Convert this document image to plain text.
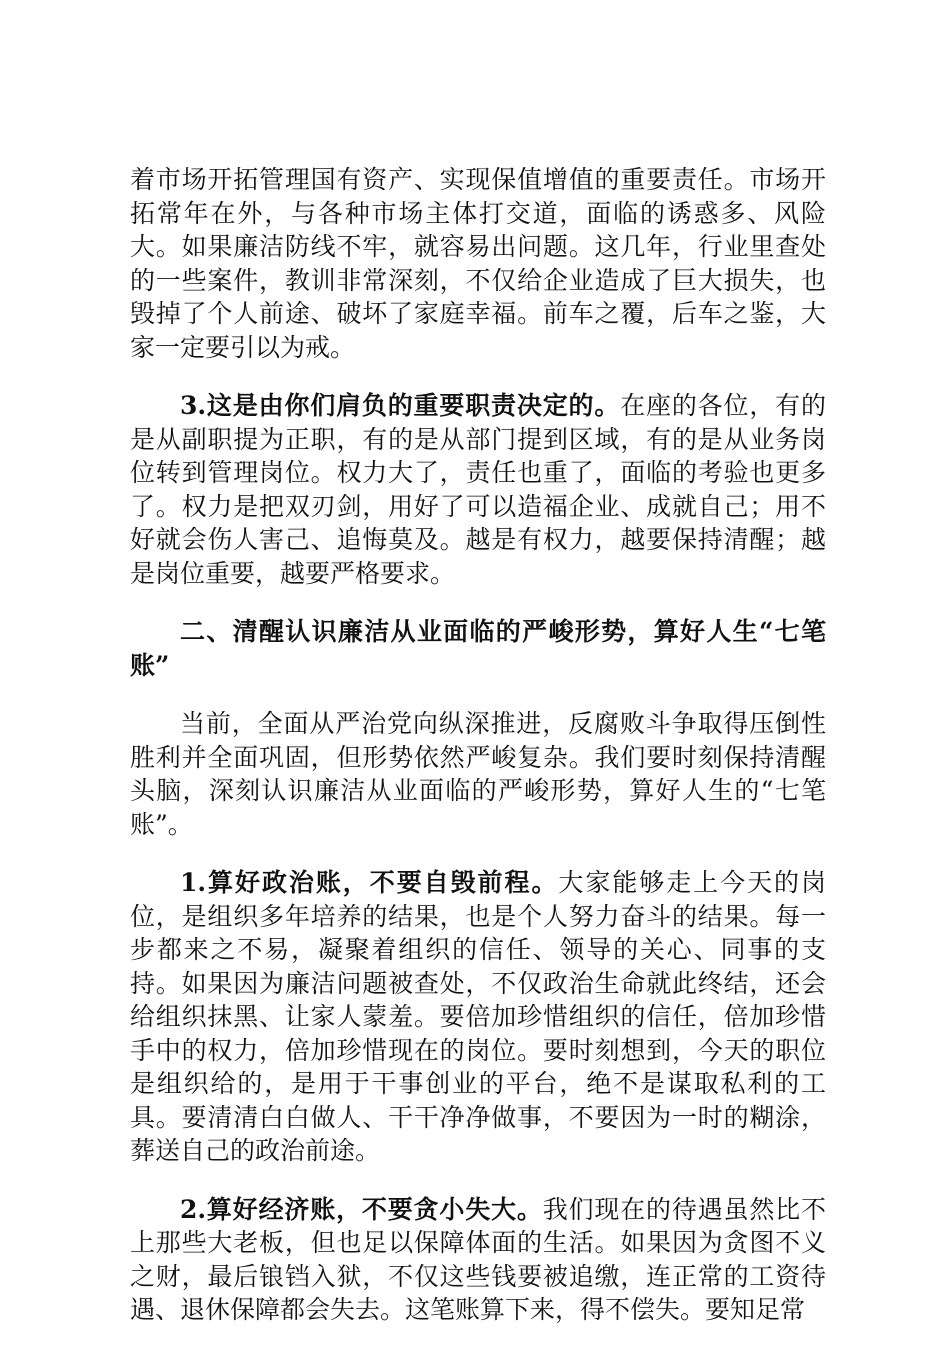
着市场开拓管理国有资产、实现保值增值的重要责任。市场开拓常年在外，与各种市场主体打交道，面临的诱惑多、风险大。如果廉洁防线不牢，就容易出问题。这几年，行业里查处的一些案件，教训非常深刻，不仅给企业造成了巨大损失，也毁掉了个人前途、破坏了家庭幸福。前车之覆，后车之鉴，大家一定要引以为戒。

3.这是由你们肩负的重要职责决定的。在座的各位，有的是从副职提为正职，有的是从部门提到区域，有的是从业务岗位转到管理岗位。权力大了，责任也重了，面临的考验也更多了。权力是把双刃剑，用好了可以造福企业、成就自己；用不好就会伤人害己、追悔莫及。越是有权力，越要保持清醒；越是岗位重要，越要严格要求。

二、清醒认识廉洁从业面临的严峻形势，算好人生“七笔账”

当前，全面从严治党向纵深推进，反腐败斗争取得压倒性胜利并全面巩固，但形势依然严峻复杂。我们要时刻保持清醒头脑，深刻认识廉洁从业面临的严峻形势，算好人生的“七笔账”。

1.算好政治账，不要自毁前程。大家能够走上今天的岗位，是组织多年培养的结果，也是个人努力奋斗的结果。每一步都来之不易，凝聚着组织的信任、领导的关心、同事的支持。如果因为廉洁问题被查处，不仅政治生命就此终结，还会给组织抹黑、让家人蒙羞。要倍加珍惜组织的信任，倍加珍惜手中的权力，倍加珍惜现在的岗位。要时刻想到，今天的职位是组织给的，是用于干事创业的平台，绝不是谋取私利的工具。要清清白白做人、干干净净做事，不要因为一时的糊涂，葬送自己的政治前途。

2.算好经济账，不要贪小失大。我们现在的待遇虽然比不上那些大老板，但也足以保障体面的生活。如果因为贪图不义之财，最后锒铛入狱，不仅这些钱要被追缴，连正常的工资待遇、退休保障都会失去。这笔账算下来，得不偿失。要知足常
